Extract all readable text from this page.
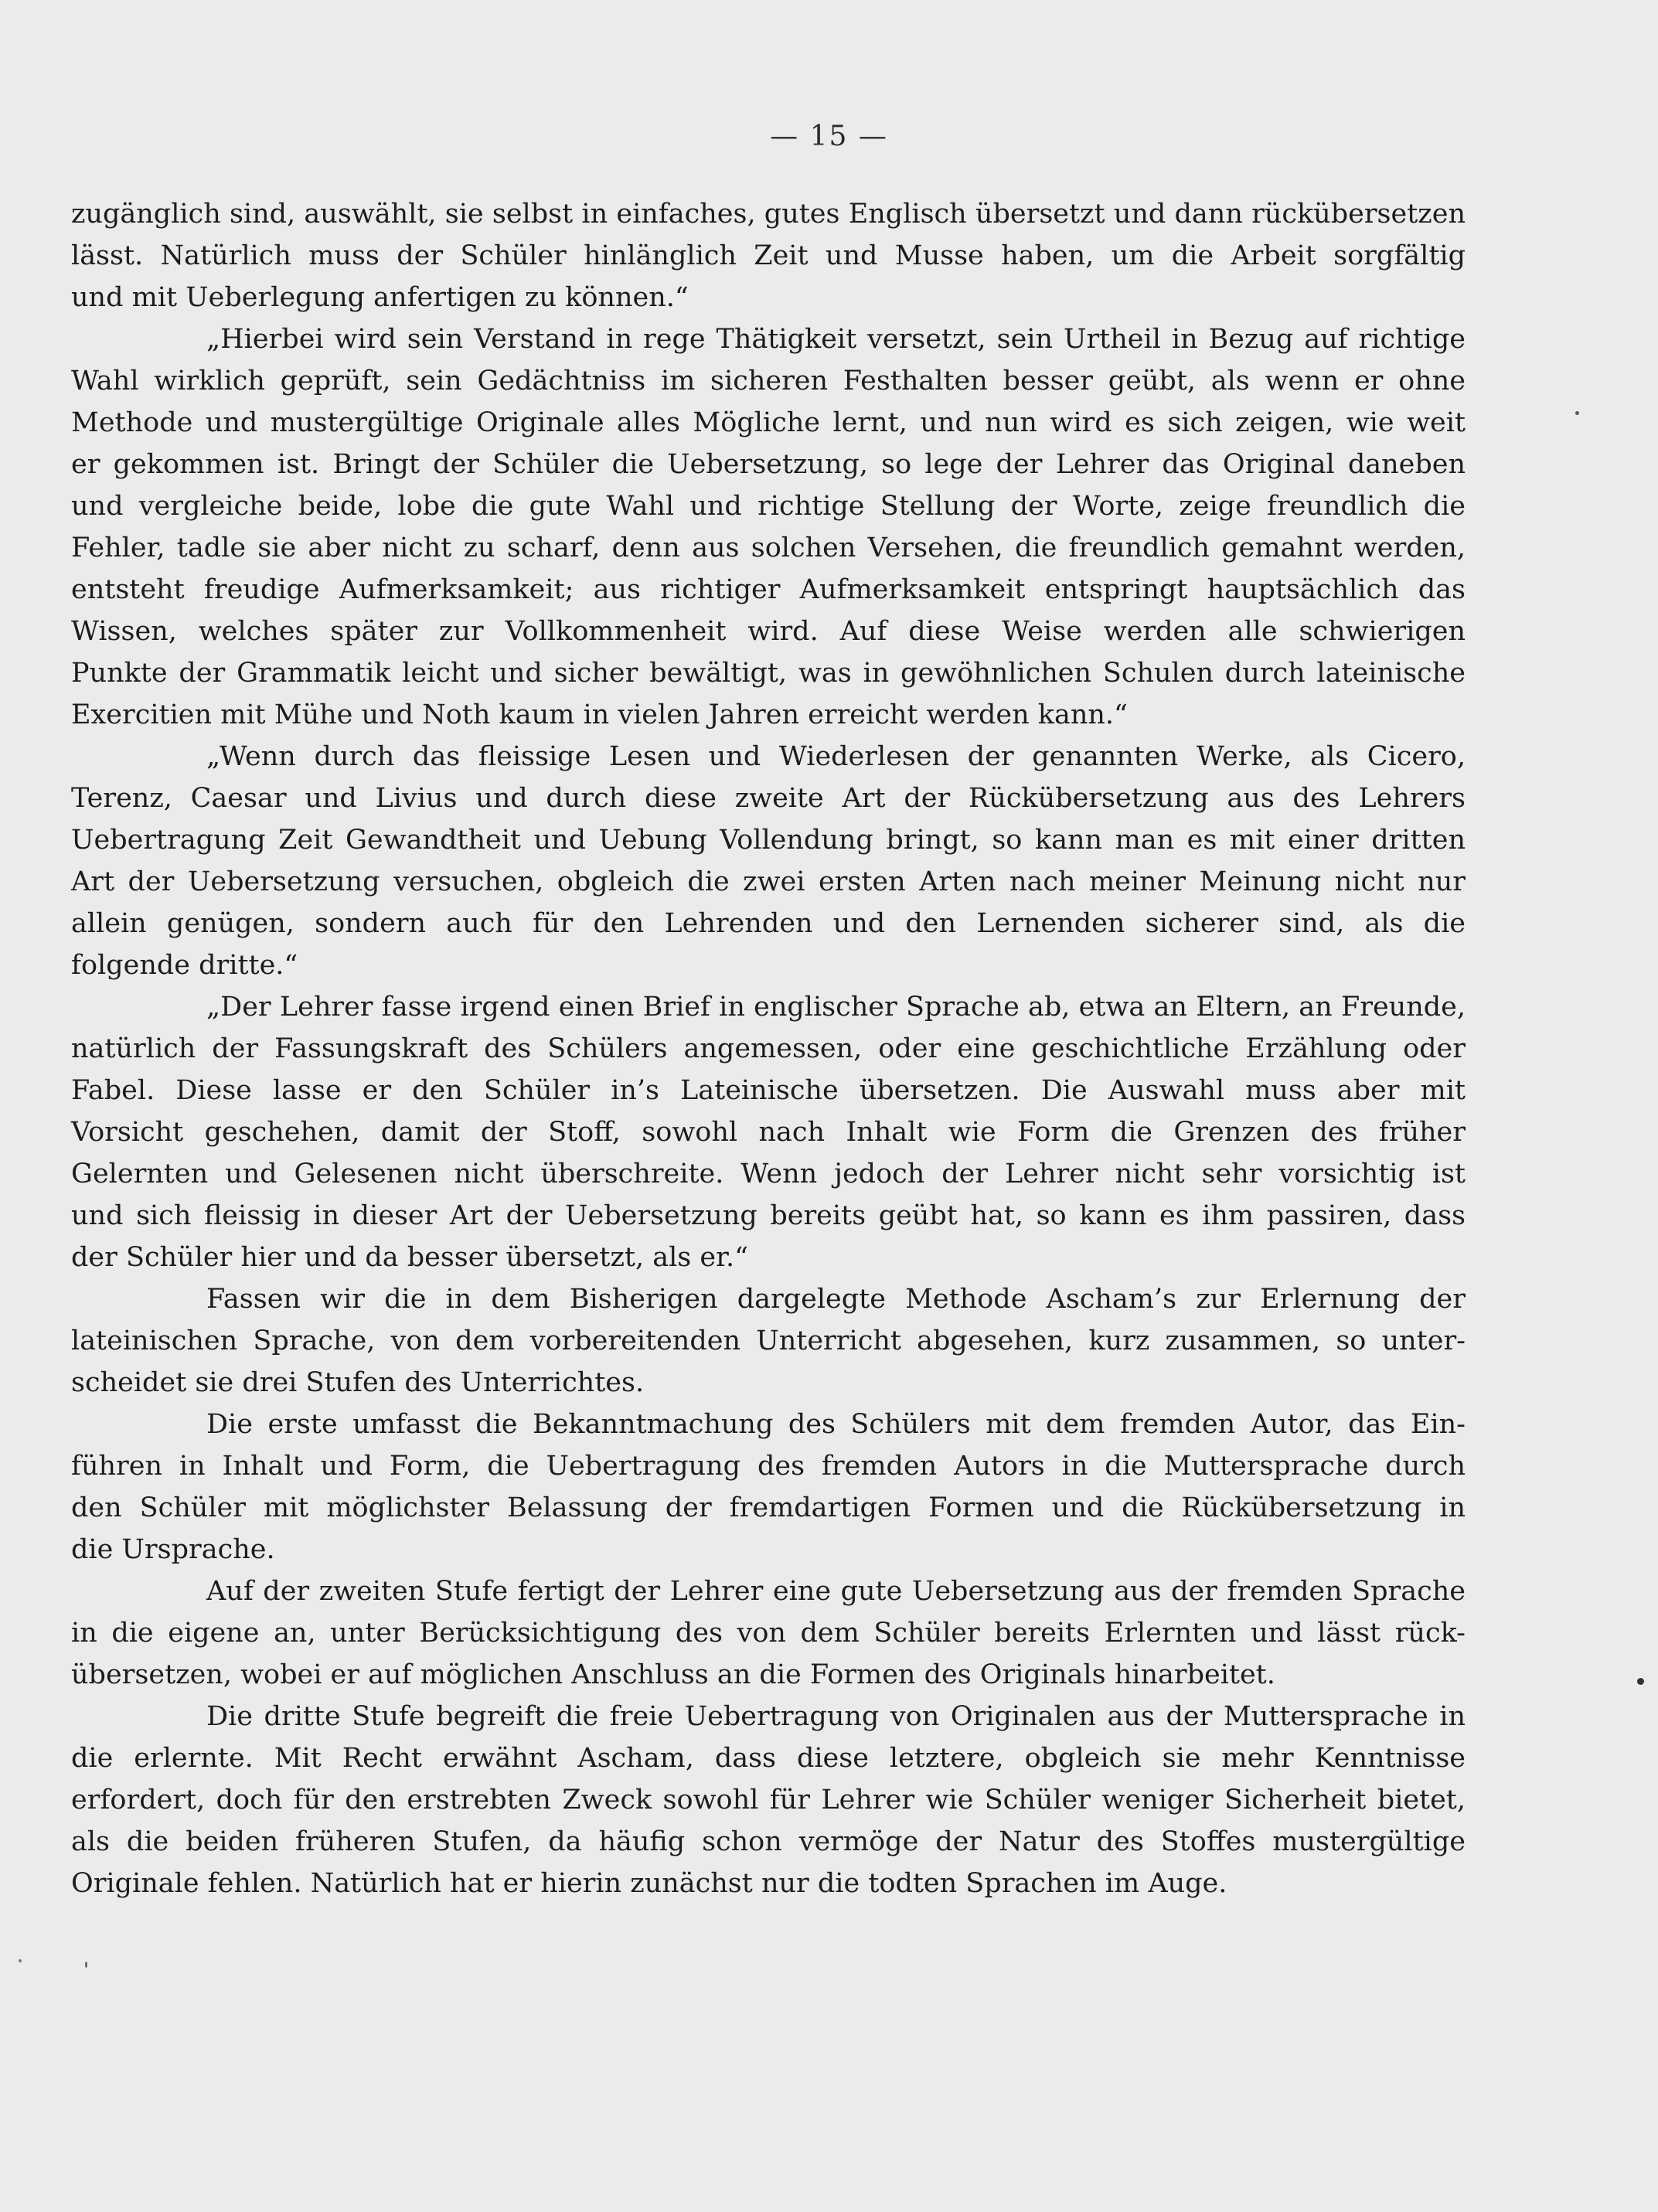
— 15 —
zugänglich sind, auswählt, sie selbst in einfaches, gutes Englisch übersetzt und dann rückübersetzen
lässt. Natürlich muss der Schüler hinlänglich Zeit und Musse haben, um die Arbeit sorgfältig
und mit Ueberlegung anfertigen zu können.“
„Hierbei wird sein Verstand in rege Thätigkeit versetzt, sein Urtheil in Bezug auf richtige
Wahl wirklich geprüft, sein Gedächtniss im sicheren Festhalten besser geübt, als wenn er ohne
Methode und mustergültige Originale alles Mögliche lernt, und nun wird es sich zeigen, wie weit
er gekommen ist. Bringt der Schüler die Uebersetzung, so lege der Lehrer das Original daneben
und vergleiche beide, lobe die gute Wahl und richtige Stellung der Worte, zeige freundlich die
Fehler, tadle sie aber nicht zu scharf, denn aus solchen Versehen, die freundlich gemahnt werden,
entsteht freudige Aufmerksamkeit; aus richtiger Aufmerksamkeit entspringt hauptsächlich das
Wissen, welches später zur Vollkommenheit wird. Auf diese Weise werden alle schwierigen
Punkte der Grammatik leicht und sicher bewältigt, was in gewöhnlichen Schulen durch lateinische
Exercitien mit Mühe und Noth kaum in vielen Jahren erreicht werden kann.“
„Wenn durch das fleissige Lesen und Wiederlesen der genannten Werke, als Cicero,
Terenz, Caesar und Livius und durch diese zweite Art der Rückübersetzung aus des Lehrers
Uebertragung Zeit Gewandtheit und Uebung Vollendung bringt, so kann man es mit einer dritten
Art der Uebersetzung versuchen, obgleich die zwei ersten Arten nach meiner Meinung nicht nur
allein genügen, sondern auch für den Lehrenden und den Lernenden sicherer sind, als die
folgende dritte.“
„Der Lehrer fasse irgend einen Brief in englischer Sprache ab, etwa an Eltern, an Freunde,
natürlich der Fassungskraft des Schülers angemessen, oder eine geschichtliche Erzählung oder
Fabel. Diese lasse er den Schüler in’s Lateinische übersetzen. Die Auswahl muss aber mit
Vorsicht geschehen, damit der Stoff, sowohl nach Inhalt wie Form die Grenzen des früher
Gelernten und Gelesenen nicht überschreite. Wenn jedoch der Lehrer nicht sehr vorsichtig ist
und sich fleissig in dieser Art der Uebersetzung bereits geübt hat, so kann es ihm passiren, dass
der Schüler hier und da besser übersetzt, als er.“
Fassen wir die in dem Bisherigen dargelegte Methode Ascham’s zur Erlernung der
lateinischen Sprache, von dem vorbereitenden Unterricht abgesehen, kurz zusammen, so unter-
scheidet sie drei Stufen des Unterrichtes.
Die erste umfasst die Bekanntmachung des Schülers mit dem fremden Autor, das Ein-
führen in Inhalt und Form, die Uebertragung des fremden Autors in die Muttersprache durch
den Schüler mit möglichster Belassung der fremdartigen Formen und die Rückübersetzung in
die Ursprache.
Auf der zweiten Stufe fertigt der Lehrer eine gute Uebersetzung aus der fremden Sprache
in die eigene an, unter Berücksichtigung des von dem Schüler bereits Erlernten und lässt rück-
übersetzen, wobei er auf möglichen Anschluss an die Formen des Originals hinarbeitet.
Die dritte Stufe begreift die freie Uebertragung von Originalen aus der Muttersprache in
die erlernte. Mit Recht erwähnt Ascham, dass diese letztere, obgleich sie mehr Kenntnisse
erfordert, doch für den erstrebten Zweck sowohl für Lehrer wie Schüler weniger Sicherheit bietet,
als die beiden früheren Stufen, da häufig schon vermöge der Natur des Stoffes mustergültige
Originale fehlen. Natürlich hat er hierin zunächst nur die todten Sprachen im Auge.
